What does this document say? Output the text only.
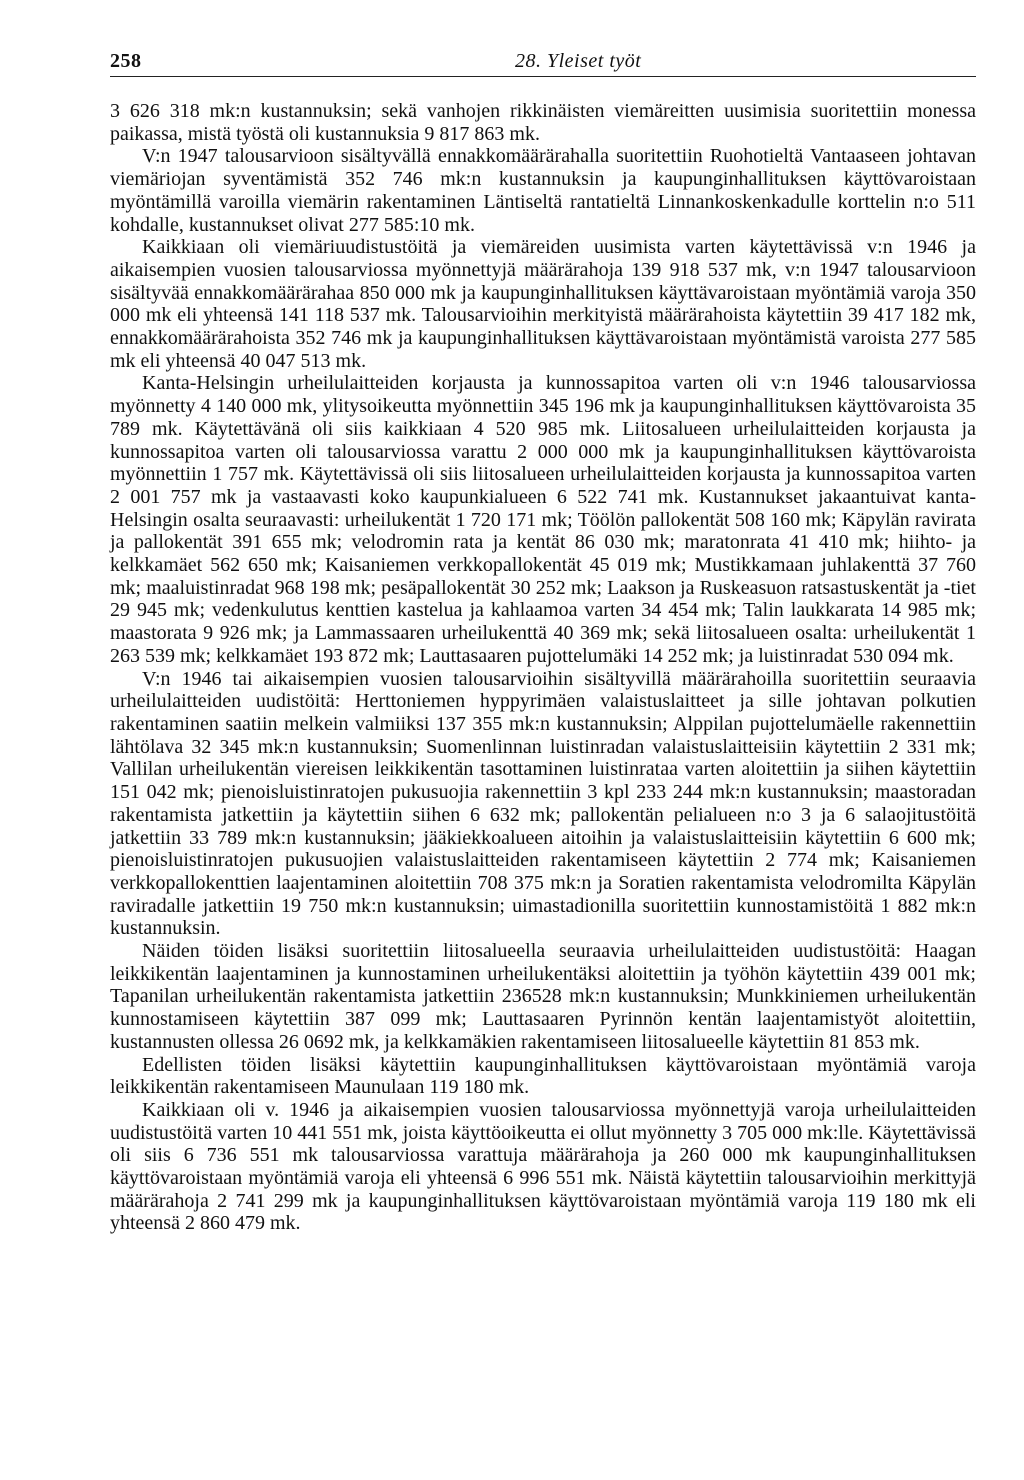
258	28. Yleiset työt

3 626 318 mk:n kustannuksin; sekä vanhojen rikkinäisten viemäreitten uusimisia suoritettiin monessa paikassa, mistä työstä oli kustannuksia 9 817 863 mk.

V:n 1947 talousarvioon sisältyvällä ennakkomäärärahalla suoritettiin Ruohotieltä Vantaaseen johtavan viemäriojan syventämistä 352 746 mk:n kustannuksin ja kaupunginhallituksen käyttövaroistaan myöntämillä varoilla viemärin rakentaminen Läntiseltä rantatieltä Linnankoskenkadulle korttelin n:o 511 kohdalle, kustannukset olivat 277 585:10 mk.

Kaikkiaan oli viemäriuudistustöitä ja viemäreiden uusimista varten käytettävissä v:n 1946 ja aikaisempien vuosien talousarviossa myönnettyjä määrärahoja 139 918 537 mk, v:n 1947 talousarvioon sisältyvää ennakkomäärärahaa 850 000 mk ja kaupunginhallituksen käyttävaroistaan myöntämiä varoja 350 000 mk eli yhteensä 141 118 537 mk. Talousarvioihin merkityistä määrärahoista käytettiin 39 417 182 mk, ennakkomäärärahoista 352 746 mk ja kaupunginhallituksen käyttävaroistaan myöntämistä varoista 277 585 mk eli yhteensä 40 047 513 mk.

Kanta-Helsingin urheilulaitteiden korjausta ja kunnossapitoa varten oli v:n 1946 talousarviossa myönnetty 4 140 000 mk, ylitysoikeutta myönnettiin 345 196 mk ja kaupunginhallituksen käyttövaroista 35 789 mk. Käytettävänä oli siis kaikkiaan 4 520 985 mk. Liitosalueen urheilulaitteiden korjausta ja kunnossapitoa varten oli talousarviossa varattu 2 000 000 mk ja kaupunginhallituksen käyttövaroista myönnettiin 1 757 mk. Käytettävissä oli siis liitosalueen urheilulaitteiden korjausta ja kunnossapitoa varten 2 001 757 mk ja vastaavasti koko kaupunkialueen 6 522 741 mk. Kustannukset jakaantuivat kanta-Helsingin osalta seuraavasti: urheilukentät 1 720 171 mk; Töölön pallokentät 508 160 mk; Käpylän ravirata ja pallokentät 391 655 mk; velodromin rata ja kentät 86 030 mk; maratonrata 41 410 mk; hiihto- ja kelkkamäet 562 650 mk; Kaisaniemen verkkopallokentät 45 019 mk; Mustikkamaan juhlakenttä 37 760 mk; maaluistinradat 968 198 mk; pesäpallokentät 30 252 mk; Laakson ja Ruskeasuon ratsastuskentät ja -tiet 29 945 mk; vedenkulutus kenttien kastelua ja kahlaamoa varten 34 454 mk; Talin laukkarata 14 985 mk; maastorata 9 926 mk; ja Lammassaaren urheilukenttä 40 369 mk; sekä liitosalueen osalta: urheilukentät 1 263 539 mk; kelkkamäet 193 872 mk; Lauttasaaren pujottelumäki 14 252 mk; ja luistinradat 530 094 mk.

V:n 1946 tai aikaisempien vuosien talousarvioihin sisältyvillä määrärahoilla suoritettiin seuraavia urheilulaitteiden uudistöitä: Herttoniemen hyppyrimäen valaistuslaitteet ja sille johtavan polkutien rakentaminen saatiin melkein valmiiksi 137 355 mk:n kustannuksin; Alppilan pujottelumäelle rakennettiin lähtölava 32 345 mk:n kustannuksin; Suomenlinnan luistinradan valaistuslaitteisiin käytettiin 2 331 mk; Vallilan urheilukentän viereisen leikkikentän tasottaminen luistinrataa varten aloitettiin ja siihen käytettiin 151 042 mk; pienoisluistinratojen pukusuojia rakennettiin 3 kpl 233 244 mk:n kustannuksin; maastoradan rakentamista jatkettiin ja käytettiin siihen 6 632 mk; pallokentän pelialueen n:o 3 ja 6 salaojitustöitä jatkettiin 33 789 mk:n kustannuksin; jääkiekkoalueen aitoihin ja valaistuslaitteisiin käytettiin 6 600 mk; pienoisluistinratojen pukusuojien valaistuslaitteiden rakentamiseen käytettiin 2 774 mk; Kaisaniemen verkkopallokenttien laajentaminen aloitettiin 708 375 mk:n ja Soratien rakentamista velodromilta Käpylän raviradalle jatkettiin 19 750 mk:n kustannuksin; uimastadionilla suoritettiin kunnostamistöitä 1 882 mk:n kustannuksin.

Näiden töiden lisäksi suoritettiin liitosalueella seuraavia urheilulaitteiden uudistustöitä: Haagan leikkikentän laajentaminen ja kunnostaminen urheilukentäksi aloitettiin ja työhön käytettiin 439 001 mk; Tapanilan urheilukentän rakentamista jatkettiin 236528 mk:n kustannuksin; Munkkiniemen urheilukentän kunnostamiseen käytettiin 387 099 mk; Lauttasaaren Pyrinnön kentän laajentamistyöt aloitettiin, kustannusten ollessa 26 0692 mk, ja kelkkamäkien rakentamiseen liitosalueelle käytettiin 81 853 mk.

Edellisten töiden lisäksi käytettiin kaupunginhallituksen käyttövaroistaan myöntämiä varoja leikkikentän rakentamiseen Maunulaan 119 180 mk.

Kaikkiaan oli v. 1946 ja aikaisempien vuosien talousarviossa myönnettyjä varoja urheilulaitteiden uudistustöitä varten 10 441 551 mk, joista käyttöoikeutta ei ollut myönnetty 3 705 000 mk:lle. Käytettävissä oli siis 6 736 551 mk talousarviossa varattuja määrärahoja ja 260 000 mk kaupunginhallituksen käyttövaroistaan myöntämiä varoja eli yhteensä 6 996 551 mk. Näistä käytettiin talousarvioihin merkittyjä määrärahoja 2 741 299 mk ja kaupunginhallituksen käyttövaroistaan myöntämiä varoja 119 180 mk eli yhteensä 2 860 479 mk.
